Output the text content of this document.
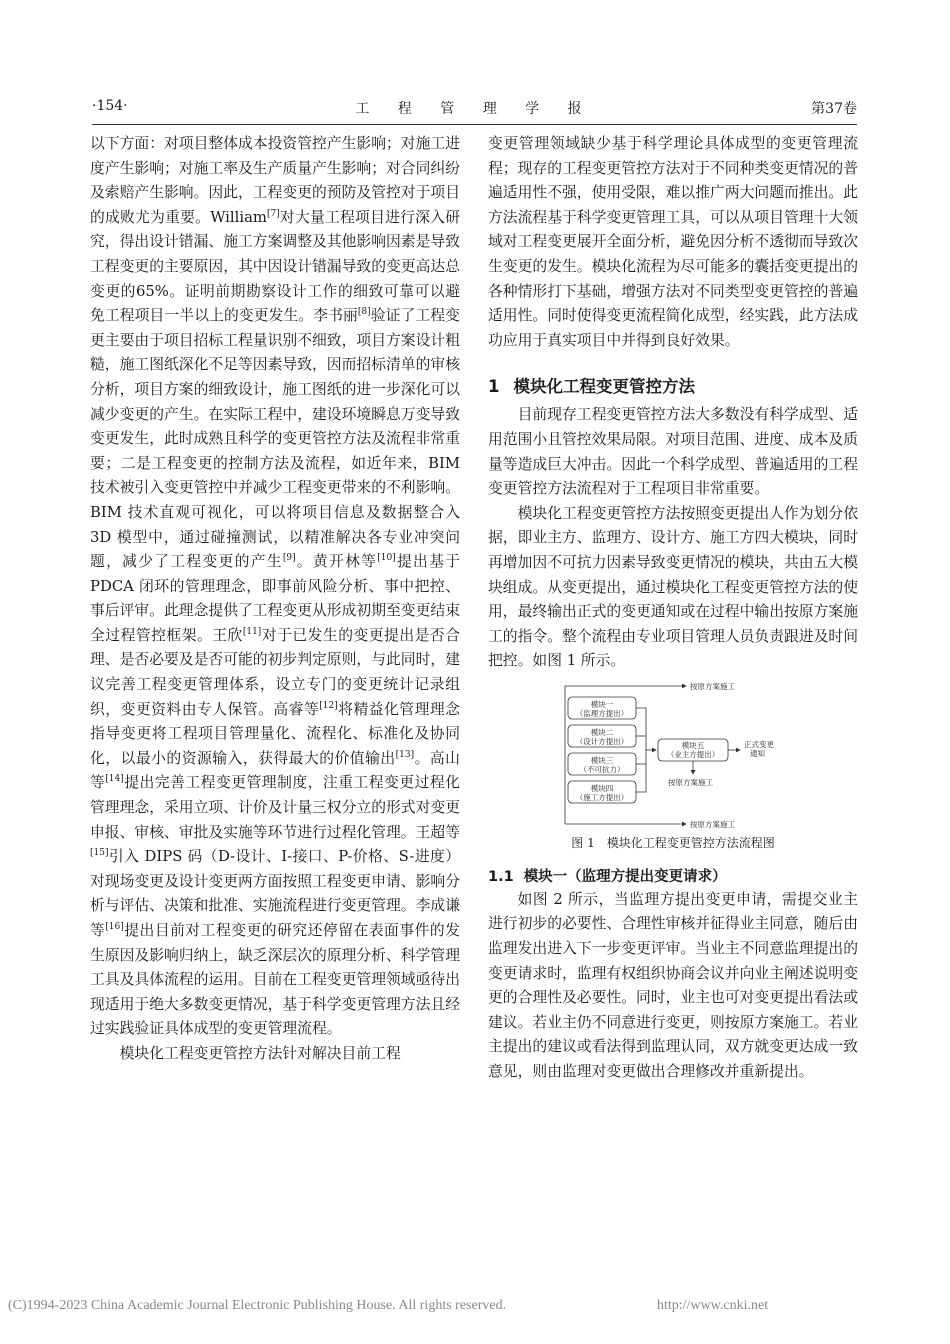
·154·	工 程 管 理 学 报	第37卷

以下方面：对项目整体成本投资管控产生影响；对施工进度产生影响；对施工率及生产质量产生影响；对合同纠纷及索赔产生影响。因此，工程变更的预防及管控对于项目的成败尤为重要。William[7]对大量工程项目进行深入研究，得出设计错漏、施工方案调整及其他影响因素是导致工程变更的主要原因，其中因设计错漏导致的变更高达总变更的65%。证明前期勘察设计工作的细致可靠可以避免工程项目一半以上的变更发生。李书丽[8]验证了工程变更主要由于项目招标工程量识别不细致，项目方案设计粗糙，施工图纸深化不足等因素导致，因而招标清单的审核分析，项目方案的细致设计，施工图纸的进一步深化可以减少变更的产生。在实际工程中，建设环境瞬息万变导致变更发生，此时成熟且科学的变更管控方法及流程非常重要；二是工程变更的控制方法及流程，如近年来，BIM 技术被引入变更管控中并减少工程变更带来的不利影响。BIM 技术直观可视化，可以将项目信息及数据整合入 3D 模型中，通过碰撞测试，以精准解决各专业冲突问题，减少了工程变更的产生[9]。黄开林等[10]提出基于 PDCA 闭环的管理理念，即事前风险分析、事中把控、事后评审。此理念提供了工程变更从形成初期至变更结束全过程管控框架。王欣[11]对于已发生的变更提出是否合理、是否必要及是否可能的初步判定原则，与此同时，建议完善工程变更管理体系，设立专门的变更统计记录组织，变更资料由专人保管。高睿等[12]将精益化管理理念指导变更将工程项目管理量化、流程化、标准化及协同化，以最小的资源输入，获得最大的价值输出[13]。高山等[14]提出完善工程变更管理制度，注重工程变更过程化管理理念，采用立项、计价及计量三权分立的形式对变更申报、审核、审批及实施等环节进行过程化管理。王超等[15]引入 DIPS 码（D-设计、I-接口、P-价格、S-进度）对现场变更及设计变更两方面按照工程变更申请、影响分析与评估、决策和批准、实施流程进行变更管理。李成谦等[16]提出目前对工程变更的研究还停留在表面事件的发生原因及影响归纳上，缺乏深层次的原理分析、科学管理工具及具体流程的运用。目前在工程变更管理领域亟待出现适用于绝大多数变更情况，基于科学变更管理方法且经过实践验证具体成型的变更管理流程。

模块化工程变更管控方法针对解决目前工程

变更管理领域缺少基于科学理论具体成型的变更管理流程；现存的工程变更管控方法对于不同种类变更情况的普遍适用性不强，使用受限，难以推广两大问题而推出。此方法流程基于科学变更管理工具，可以从项目管理十大领域对工程变更展开全面分析，避免因分析不透彻而导致次生变更的发生。模块化流程为尽可能多的囊括变更提出的各种情形打下基础，增强方法对不同类型变更管控的普遍适用性。同时使得变更流程简化成型，经实践，此方法成功应用于真实项目中并得到良好效果。

1 模块化工程变更管控方法

目前现存工程变更管控方法大多数没有科学成型、适用范围小且管控效果局限。对项目范围、进度、成本及质量等造成巨大冲击。因此一个科学成型、普遍适用的工程变更管控方法流程对于工程项目非常重要。

模块化工程变更管控方法按照变更提出人作为划分依据，即业主方、监理方、设计方、施工方四大模块，同时再增加因不可抗力因素导致变更情况的模块，共由五大模块组成。从变更提出，通过模块化工程变更管控方法的使用，最终输出正式的变更通知或在过程中输出按原方案施工的指令。整个流程由专业项目管理人员负责跟进及时间把控。如图 1 所示。

按原方案施工
模块一
（监理方提出）
模块二
（设计方提出）
模块三
（不可抗力）
模块四
（施工方提出）
模块五
（业主方提出）
正式变更
通知
按原方案施工
按原方案施工
图 1　模块化工程变更管控方法流程图
1.1 模块一（监理方提出变更请求）

如图 2 所示，当监理方提出变更申请，需提交业主进行初步的必要性、合理性审核并征得业主同意，随后由监理发出进入下一步变更评审。当业主不同意监理提出的变更请求时，监理有权组织协商会议并向业主阐述说明变更的合理性及必要性。同时，业主也可对变更提出看法或建议。若业主仍不同意进行变更，则按原方案施工。若业主提出的建议或看法得到监理认同，双方就变更达成一致意见，则由监理对变更做出合理修改并重新提出。

(C)1994-2023 China Academic Journal Electronic Publishing House. All rights reserved.	http://www.cnki.net
